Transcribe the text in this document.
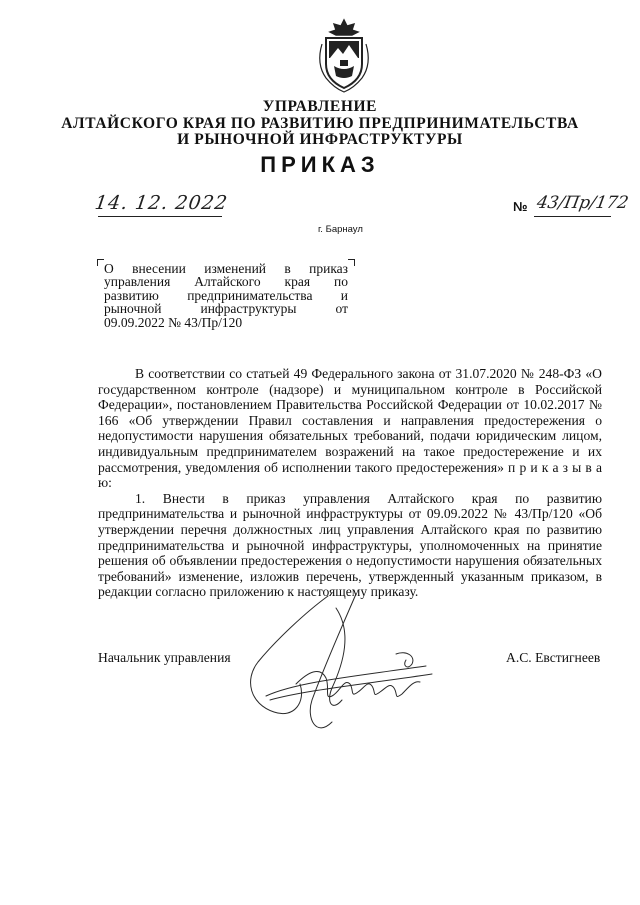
УПРАВЛЕНИЕ
АЛТАЙСКОГО КРАЯ ПО РАЗВИТИЮ ПРЕДПРИНИМАТЕЛЬСТВА
И РЫНОЧНОЙ ИНФРАСТРУКТУРЫ
ПРИКАЗ
14. 12. 2022	№ 43/Пр/172
г. Барнаул
О внесении изменений в приказ
управления Алтайского края по
развитию предпринимательства и
рыночной инфраструктуры от
09.09.2022 № 43/Пр/120

В соответствии со статьей 49 Федерального закона от 31.07.2020 № 248-ФЗ «О государственном контроле (надзоре) и муниципальном контроле в Российской Федерации», постановлением Правительства Российской Федерации от 10.02.2017 № 166 «Об утверждении Правил составления и направления предостережения о недопустимости нарушения обязательных требований, подачи юридическим лицом, индивидуальным предпринимателем возражений на такое предостережение и их рассмотрения, уведомления об исполнении такого предостережения» п р и к а з ы в а ю:

1. Внести в приказ управления Алтайского края по развитию предпринимательства и рыночной инфраструктуры от 09.09.2022 № 43/Пр/120 «Об утверждении перечня должностных лиц управления Алтайского края по развитию предпринимательства и рыночной инфраструктуры, уполномоченных на принятие решения об объявлении предостережения о недопустимости нарушения обязательных требований» изменение, изложив перечень, утвержденный указанным приказом, в редакции согласно приложению к настоящему приказу.

Начальник управления	А.С. Евстигнеев
